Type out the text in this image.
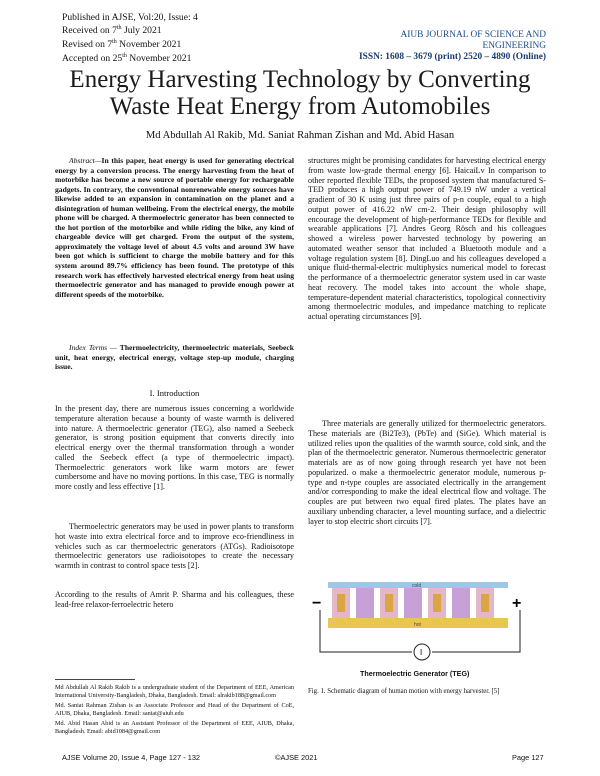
Published in AJSE, Vol:20, Issue: 4
Received on 7th July 2021
Revised on 7th November 2021
Accepted on 25th November 2021
AIUB JOURNAL OF SCIENCE AND ENGINEERING
ISSN: 1608 – 3679 (print) 2520 – 4890 (Online)
Energy Harvesting Technology by Converting
Waste Heat Energy from Automobiles
Md Abdullah Al Rakib, Md. Saniat Rahman Zishan and Md. Abid Hasan

Abstract—In this paper, heat energy is used for generating electrical energy by a conversion process. The energy harvesting from the heat of motorbike has become a new source of portable energy for rechargeable gadgets. In contrary, the conventional nonrenewable energy sources have likewise added to an expansion in contamination on the planet and a disintegration of human wellbeing. From the electrical energy, the mobile phone will be charged. A thermoelectric generator has been connected to the hot portion of the motorbike and while riding the bike, any kind of chargeable device will get charged. From the output of the system, approximately the voltage level of about 4.5 volts and around 3W have been got which is sufficient to charge the mobile battery and for this system around 89.7% efficiency has been found. The prototype of this research work has effectively harvested electrical energy from heat using thermoelectric generator and has managed to provide enough power at different speeds of the motorbike.

Index Terms — Thermoelectricity, thermoelectric materials, Seebeck unit, heat energy, electrical energy, voltage step-up module, charging issue.

I. Introduction

In the present day, there are numerous issues concerning a worldwide temperature alteration because a bounty of waste warmth is delivered into nature. A thermoelectric generator (TEG), also named a Seebeck generator, is strong position equipment that converts directly into electrical energy over the thermal transformation through a wonder called the Seebeck effect (a type of thermoelectric impact). Thermoelectric generators work like warm motors are fewer cumbersome and have no moving portions. In this case, TEG is normally more costly and less effective [1].

Thermoelectric generators may be used in power plants to transform hot waste into extra electrical force and to improve eco-friendliness in vehicles such as car thermoelectric generators (ATGs). Radioisotope thermoelectric generators use radioisotopes to create the necessary warmth in contrast to control space tests [2].

According to the results of Amrit P. Sharma and his colleagues, these lead-free relaxor-ferroelectric hetero

Md Abdullah Al Rakib Rakib is a undergraduate student of the Department of EEE, American International University-Bangladesh, Dhaka, Bangladesh. Email: alrakib188@gmail.com

Md. Saniat Rahman Zishan is an Associate Professor and Head of the Department of CoE, AIUB, Dhaka, Bangladesh. Email: saniat@aiub.edu

Md. Abid Hasan Abid is an Assistant Professor of the Department of EEE, AIUB, Dhaka, Bangladesh. Email: abid1084@gmail.com

structures might be promising candidates for harvesting electrical energy from waste low-grade thermal energy [6]. HaicaiLv In comparison to other reported flexible TEDs, the proposed system that manufactured S-TED produces a high output power of 749.19 nW under a vertical gradient of 30 K using just three pairs of p-n couple, equal to a high output power of 416.22 nW cm-2. Their design philosophy will encourage the development of high-performance TEDs for flexible and wearable applications [7]. Andres Georg Rösch and his colleagues showed a wireless power harvested technology by powering an automated weather sensor that included a Bluetooth module and a voltage regulation system [8]. DingLuo and his colleagues developed a unique fluid-thermal-electric multiphysics numerical model to forecast the performance of a thermoelectric generator system used in car waste heat recovery. The model takes into account the whole shape, temperature-dependent material characteristics, topological connectivity among thermoelectric modules, and impedance matching to replicate actual operating circumstances [9].

Three materials are generally utilized for thermoelectric generators. These materials are (Bi2Te3), (PbTe) and (SiGe). Which material is utilized relies upon the qualities of the warmth source, cold sink, and the plan of the thermoelectric generator. Numerous thermoelectric generator materials are as of now going through research yet have not been popularized. o make a thermoelectric generator module, numerous p-type and n-type couples are associated electrically in the arrangement and/or corresponding to make the ideal electrical flow and voltage. The couples are put between two equal fired plates. The plates have an auxiliary unbending character, a level mounting surface, and a dielectric layer to stop electric short circuits [7].

−	+
cold
hot
I
Thermoelectric Generator (TEG)
Fig. 1. Schematic diagram of human motion with energy harvester. [5]
AJSE Volume 20, Issue 4, Page 127 - 132	©AJSE 2021	Page 127
